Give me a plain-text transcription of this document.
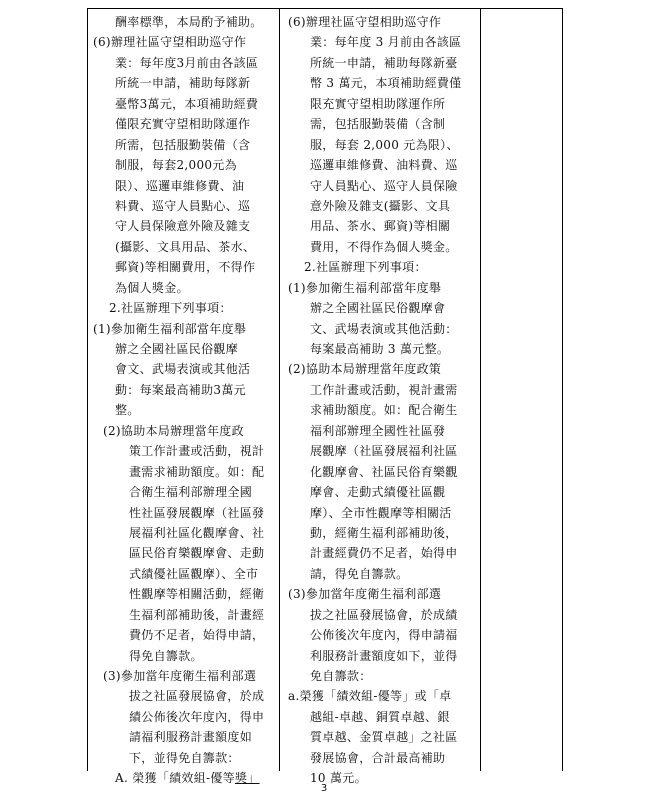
酬率標準，本局酌予補助。
(6)辦理社區守望相助巡守作
業：每年度3月前由各該區
所統一申請，補助每隊新
臺幣3萬元，本項補助經費
僅限充實守望相助隊運作
所需，包括服勤裝備（含
制服，每套2,000元為
限）、巡邏車維修費、油
料費、巡守人員點心、巡
守人員保險意外險及雜支
(攝影、文具用品、茶水、
郵資)等相關費用，不得作
為個人獎金。
2.社區辦理下列事項：
(1)參加衛生福利部當年度舉
辦之全國社區民俗觀摩
會文、武場表演或其他活
動：每案最高補助3萬元
整。
(2)協助本局辦理當年度政
策工作計畫或活動，視計
畫需求補助額度。如：配
合衛生福利部辦理全國
性社區發展觀摩（社區發
展福利社區化觀摩會、社
區民俗育樂觀摩會、走動
式績優社區觀摩）、全市
性觀摩等相關活動，經衛
生福利部補助後，計畫經
費仍不足者，始得申請，
得免自籌款。
(3)參加當年度衛生福利部選
拔之社區發展協會，於成
績公佈後次年度內，得申
請福利服務計畫額度如
下，並得免自籌款：
A. 榮獲「績效組-優等獎」
(6)辦理社區守望相助巡守作
業：每年度 3 月前由各該區
所統一申請，補助每隊新臺
幣 3 萬元，本項補助經費僅
限充實守望相助隊運作所
需，包括服勤裝備（含制
服，每套 2,000 元為限）、
巡邏車維修費、油料費、巡
守人員點心、巡守人員保險
意外險及雜支(攝影、文具
用品、茶水、郵資)等相關
費用，不得作為個人獎金。
2.社區辦理下列事項：
(1)參加衛生福利部當年度舉
辦之全國社區民俗觀摩會
文、武場表演或其他活動：
每案最高補助 3 萬元整。
(2)協助本局辦理當年度政策
工作計畫或活動，視計畫需
求補助額度。如：配合衛生
福利部辦理全國性社區發
展觀摩（社區發展福利社區
化觀摩會、社區民俗育樂觀
摩會、走動式績優社區觀
摩）、全市性觀摩等相關活
動，經衛生福利部補助後，
計畫經費仍不足者，始得申
請，得免自籌款。
(3)參加當年度衛生福利部選
拔之社區發展協會，於成績
公佈後次年度內，得申請福
利服務計畫額度如下，並得
免自籌款：
a.榮獲「績效組-優等」或「卓
越組-卓越、銅質卓越、銀
質卓越、金質卓越」之社區
發展協會，合計最高補助
10 萬元。
3
